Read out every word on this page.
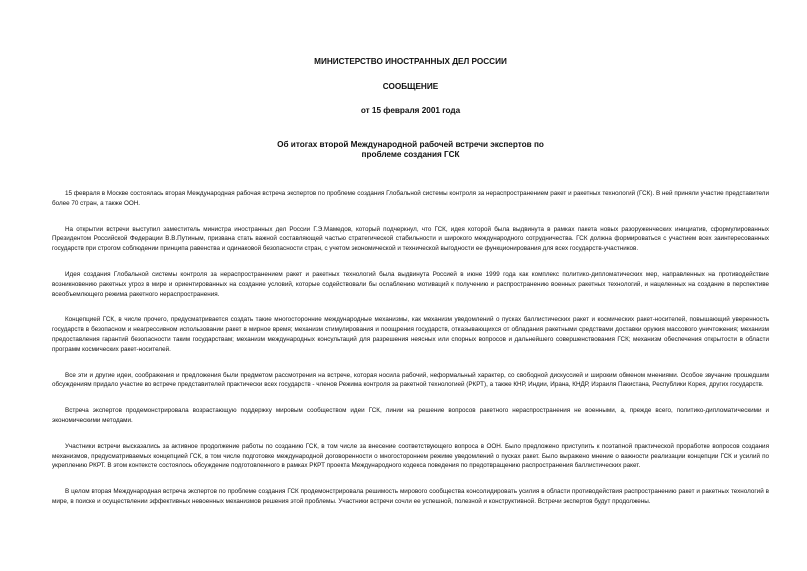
МИНИСТЕРСТВО ИНОСТРАННЫХ ДЕЛ РОССИИ

СООБЩЕНИЕ

от 15 февраля 2001 года

Об итогах второй Международной рабочей встречи экспертов по
проблеме создания ГСК

15 февраля в Москве состоялась вторая Международная рабочая встреча экспертов по проблеме создания Глобальной системы контроля за нераспространением ракет и ракетных технологий (ГСК). В ней приняли участие представители более 70 стран, а также ООН.

На открытии встречи выступил заместитель министра иностранных дел России Г.Э.Мамедов, который подчеркнул, что ГСК, идея которой была выдвинута в рамках пакета новых разоруженческих инициатив, сформулированных Президентом Российской Федерации В.В.Путиным, призвана стать важной составляющей частью стратегической стабильности и широкого международного сотрудничества. ГСК должна формироваться с участием всех заинтересованных государств при строгом соблюдении принципа равенства и одинаковой безопасности стран, с учетом экономической и технической выгодности ее функционирования для всех государств-участников.

Идея создания Глобальной системы контроля за нераспространением ракет и ракетных технологий была выдвинута Россией в июне 1999 года как комплекс политико-дипломатических мер, направленных на противодействие возникновению ракетных угроз в мире и ориентированных на создание условий, которые содействовали бы ослаблению мотиваций к получению и распространению военных ракетных технологий, и нацеленных на создание в перспективе всеобъемлющего режима ракетного нераспространения.

Концепцией ГСК, в числе прочего, предусматривается создать такие многосторонние международные механизмы, как механизм уведомлений о пусках баллистических ракет и космических ракет-носителей, повышающий уверенность государств в безопасном и неагрессивном использовании ракет в мирное время; механизм стимулирования и поощрения государств, отказывающихся от обладания ракетными средствами доставки оружия массового уничтожения; механизм предоставления гарантий безопасности таким государствам; механизм международных консультаций для разрешения неясных или спорных вопросов и дальнейшего совершенствования ГСК; механизм обеспечения открытости в области программ космических ракет-носителей.

Все эти и другие идеи, соображения и предложения были предметом рассмотрения на встрече, которая носила рабочий, неформальный характер, со свободной дискуссией и широким обменом мнениями. Особое звучание прошедшим обсуждениям придало участие во встрече представителей практически всех государств - членов Режима контроля за ракетной технологией (РКРТ), а также КНР, Индии, Ирана, КНДР, Израиля Пакистана, Республики Корея, других государств.

Встреча экспертов продемонстрировала возрастающую поддержку мировым сообществом идеи ГСК, линии на решение вопросов ракетного нераспространения не военными, а, прежде всего, политико-дипломатическими и экономическими методами.

Участники встречи высказались за активное продолжение работы по созданию ГСК, в том числе за внесение соответствующего вопроса в ООН. Было предложено приступить к поэтапной практической проработке вопросов создания механизмов, предусматриваемых концепцией ГСК, в том числе подготовке международной договоренности о многостороннем режиме уведомлений о пусках ракет. Было выражено мнение о важности реализации концепции ГСК и усилий по укреплению РКРТ. В этом контексте состоялось обсуждение подготовленного в рамках РКРТ проекта Международного кодекса поведения по предотвращению распространения баллистических ракет.

В целом вторая Международная встреча экспертов по проблеме создания ГСК продемонстрировала решимость мирового сообщества консолидировать усилия в области противодействия распространению ракет и ракетных технологий в мире, в поиске и осуществлении эффективных невоенных механизмов решения этой проблемы. Участники встречи сочли ее успешной, полезной и конструктивной. Встречи экспертов будут продолжены.
